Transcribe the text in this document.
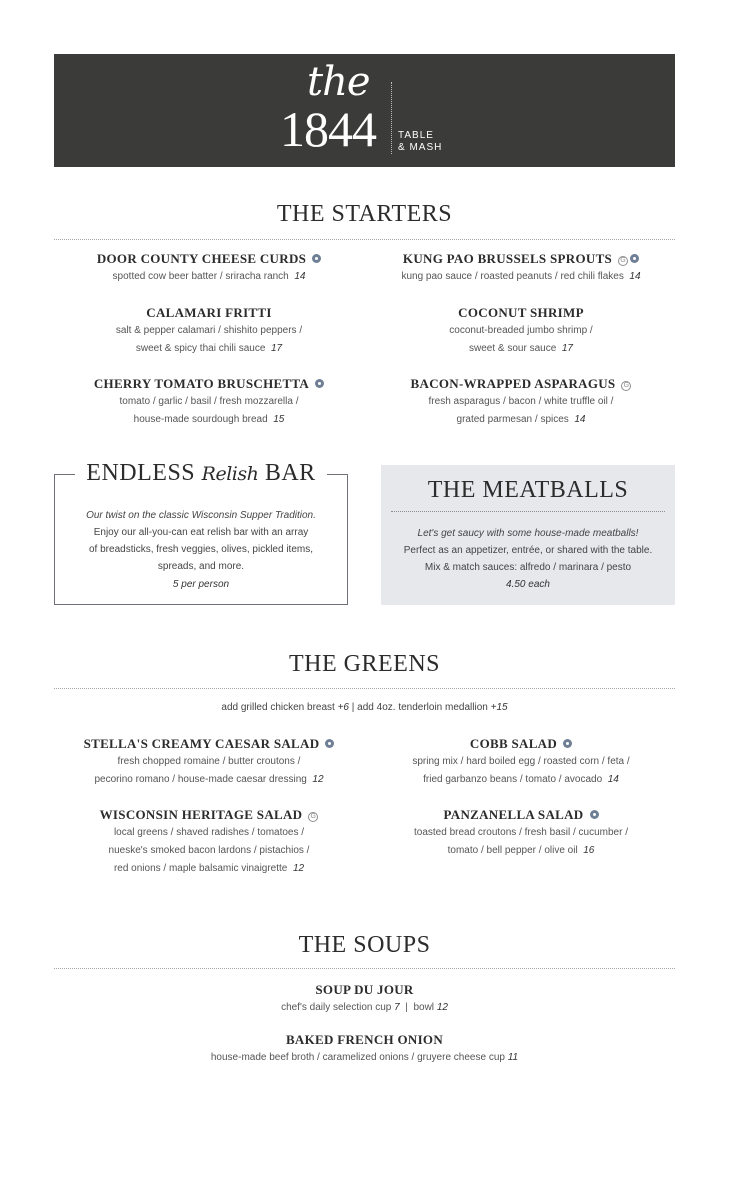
the
1844 TABLE
& MASH
THE STARTERS
DOOR COUNTY CHEESE CURDS
spotted cow beer batter / sriracha ranch 14
KUNG PAO BRUSSELS SPROUTS G
kung pao sauce / roasted peanuts / red chili flakes 14
CALAMARI FRITTI
salt & pepper calamari / shishito peppers /
sweet & spicy thai chili sauce 17
COCONUT SHRIMP
coconut-breaded jumbo shrimp /
sweet & sour sauce 17
CHERRY TOMATO BRUSCHETTA
tomato / garlic / basil / fresh mozzarella /
house-made sourdough bread 15
BACON-WRAPPED ASPARAGUS G
fresh asparagus / bacon / white truffle oil /
grated parmesan / spices 14
ENDLESS Relish BAR
Our twist on the classic Wisconsin Supper Tradition.
Enjoy our all-you-can eat relish bar with an array
of breadsticks, fresh veggies, olives, pickled items,
spreads, and more.
5 per person
THE MEATBALLS
Let's get saucy with some house-made meatballs!
Perfect as an appetizer, entrée, or shared with the table.
Mix & match sauces: alfredo / marinara / pesto
4.50 each
THE GREENS
add grilled chicken breast +6 | add 4oz. tenderloin medallion +15
STELLA'S CREAMY CAESAR SALAD
fresh chopped romaine / butter croutons /
pecorino romano / house-made caesar dressing 12
COBB SALAD
spring mix / hard boiled egg / roasted corn / feta /
fried garbanzo beans / tomato / avocado 14
WISCONSIN HERITAGE SALAD G
local greens / shaved radishes / tomatoes /
nueske's smoked bacon lardons / pistachios /
red onions / maple balsamic vinaigrette 12
PANZANELLA SALAD
toasted bread croutons / fresh basil / cucumber /
tomato / bell pepper / olive oil 16
THE SOUPS
SOUP DU JOUR
chef's daily selection cup 7 | bowl 12
BAKED FRENCH ONION
house-made beef broth / caramelized onions / gruyere cheese cup 11
